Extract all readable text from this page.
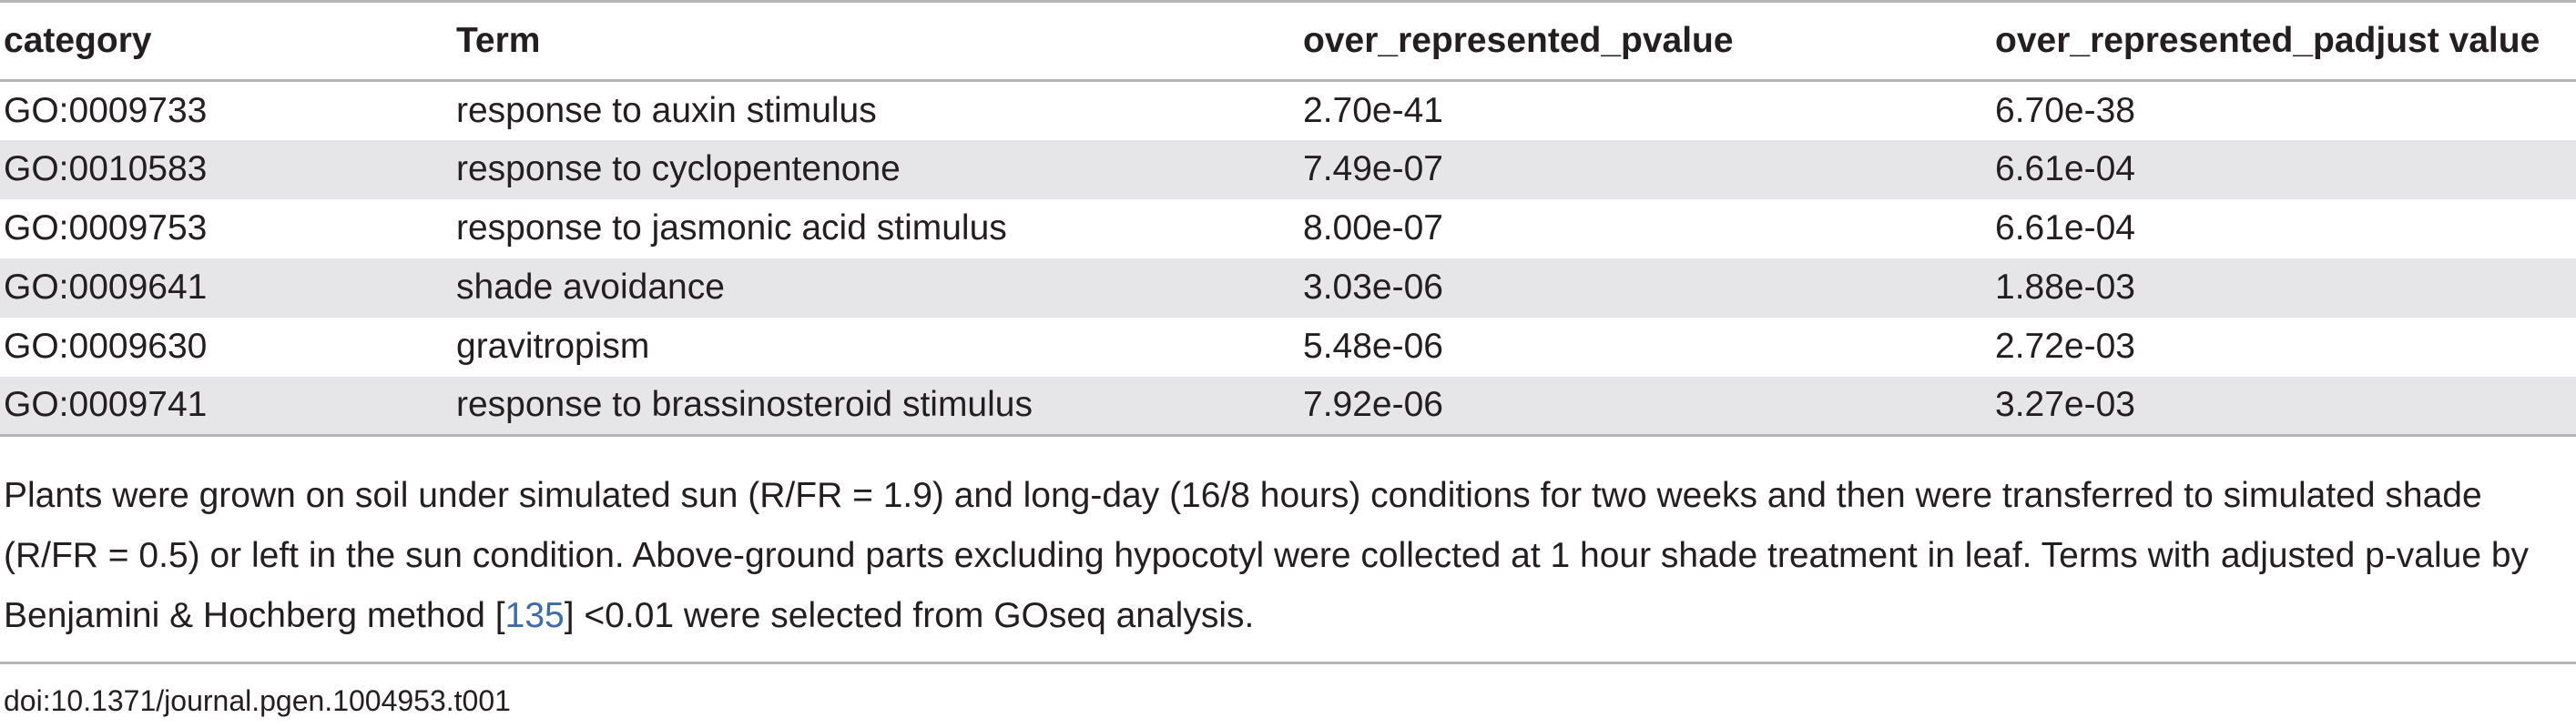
category	Term	over_represented_pvalue	over_represented_padjust value
GO:0009733	response to auxin stimulus	2.70e-41	6.70e-38
GO:0010583	response to cyclopentenone	7.49e-07	6.61e-04
GO:0009753	response to jasmonic acid stimulus	8.00e-07	6.61e-04
GO:0009641	shade avoidance	3.03e-06	1.88e-03
GO:0009630	gravitropism	5.48e-06	2.72e-03
GO:0009741	response to brassinosteroid stimulus	7.92e-06	3.27e-03

Plants were grown on soil under simulated sun (R/FR = 1.9) and long-day (16/8 hours) conditions for two weeks and then were transferred to simulated shade (R/FR = 0.5) or left in the sun condition. Above-ground parts excluding hypocotyl were collected at 1 hour shade treatment in leaf. Terms with adjusted p-value by Benjamini & Hochberg method [135] <0.01 were selected from GOseq analysis.

doi:10.1371/journal.pgen.1004953.t001
